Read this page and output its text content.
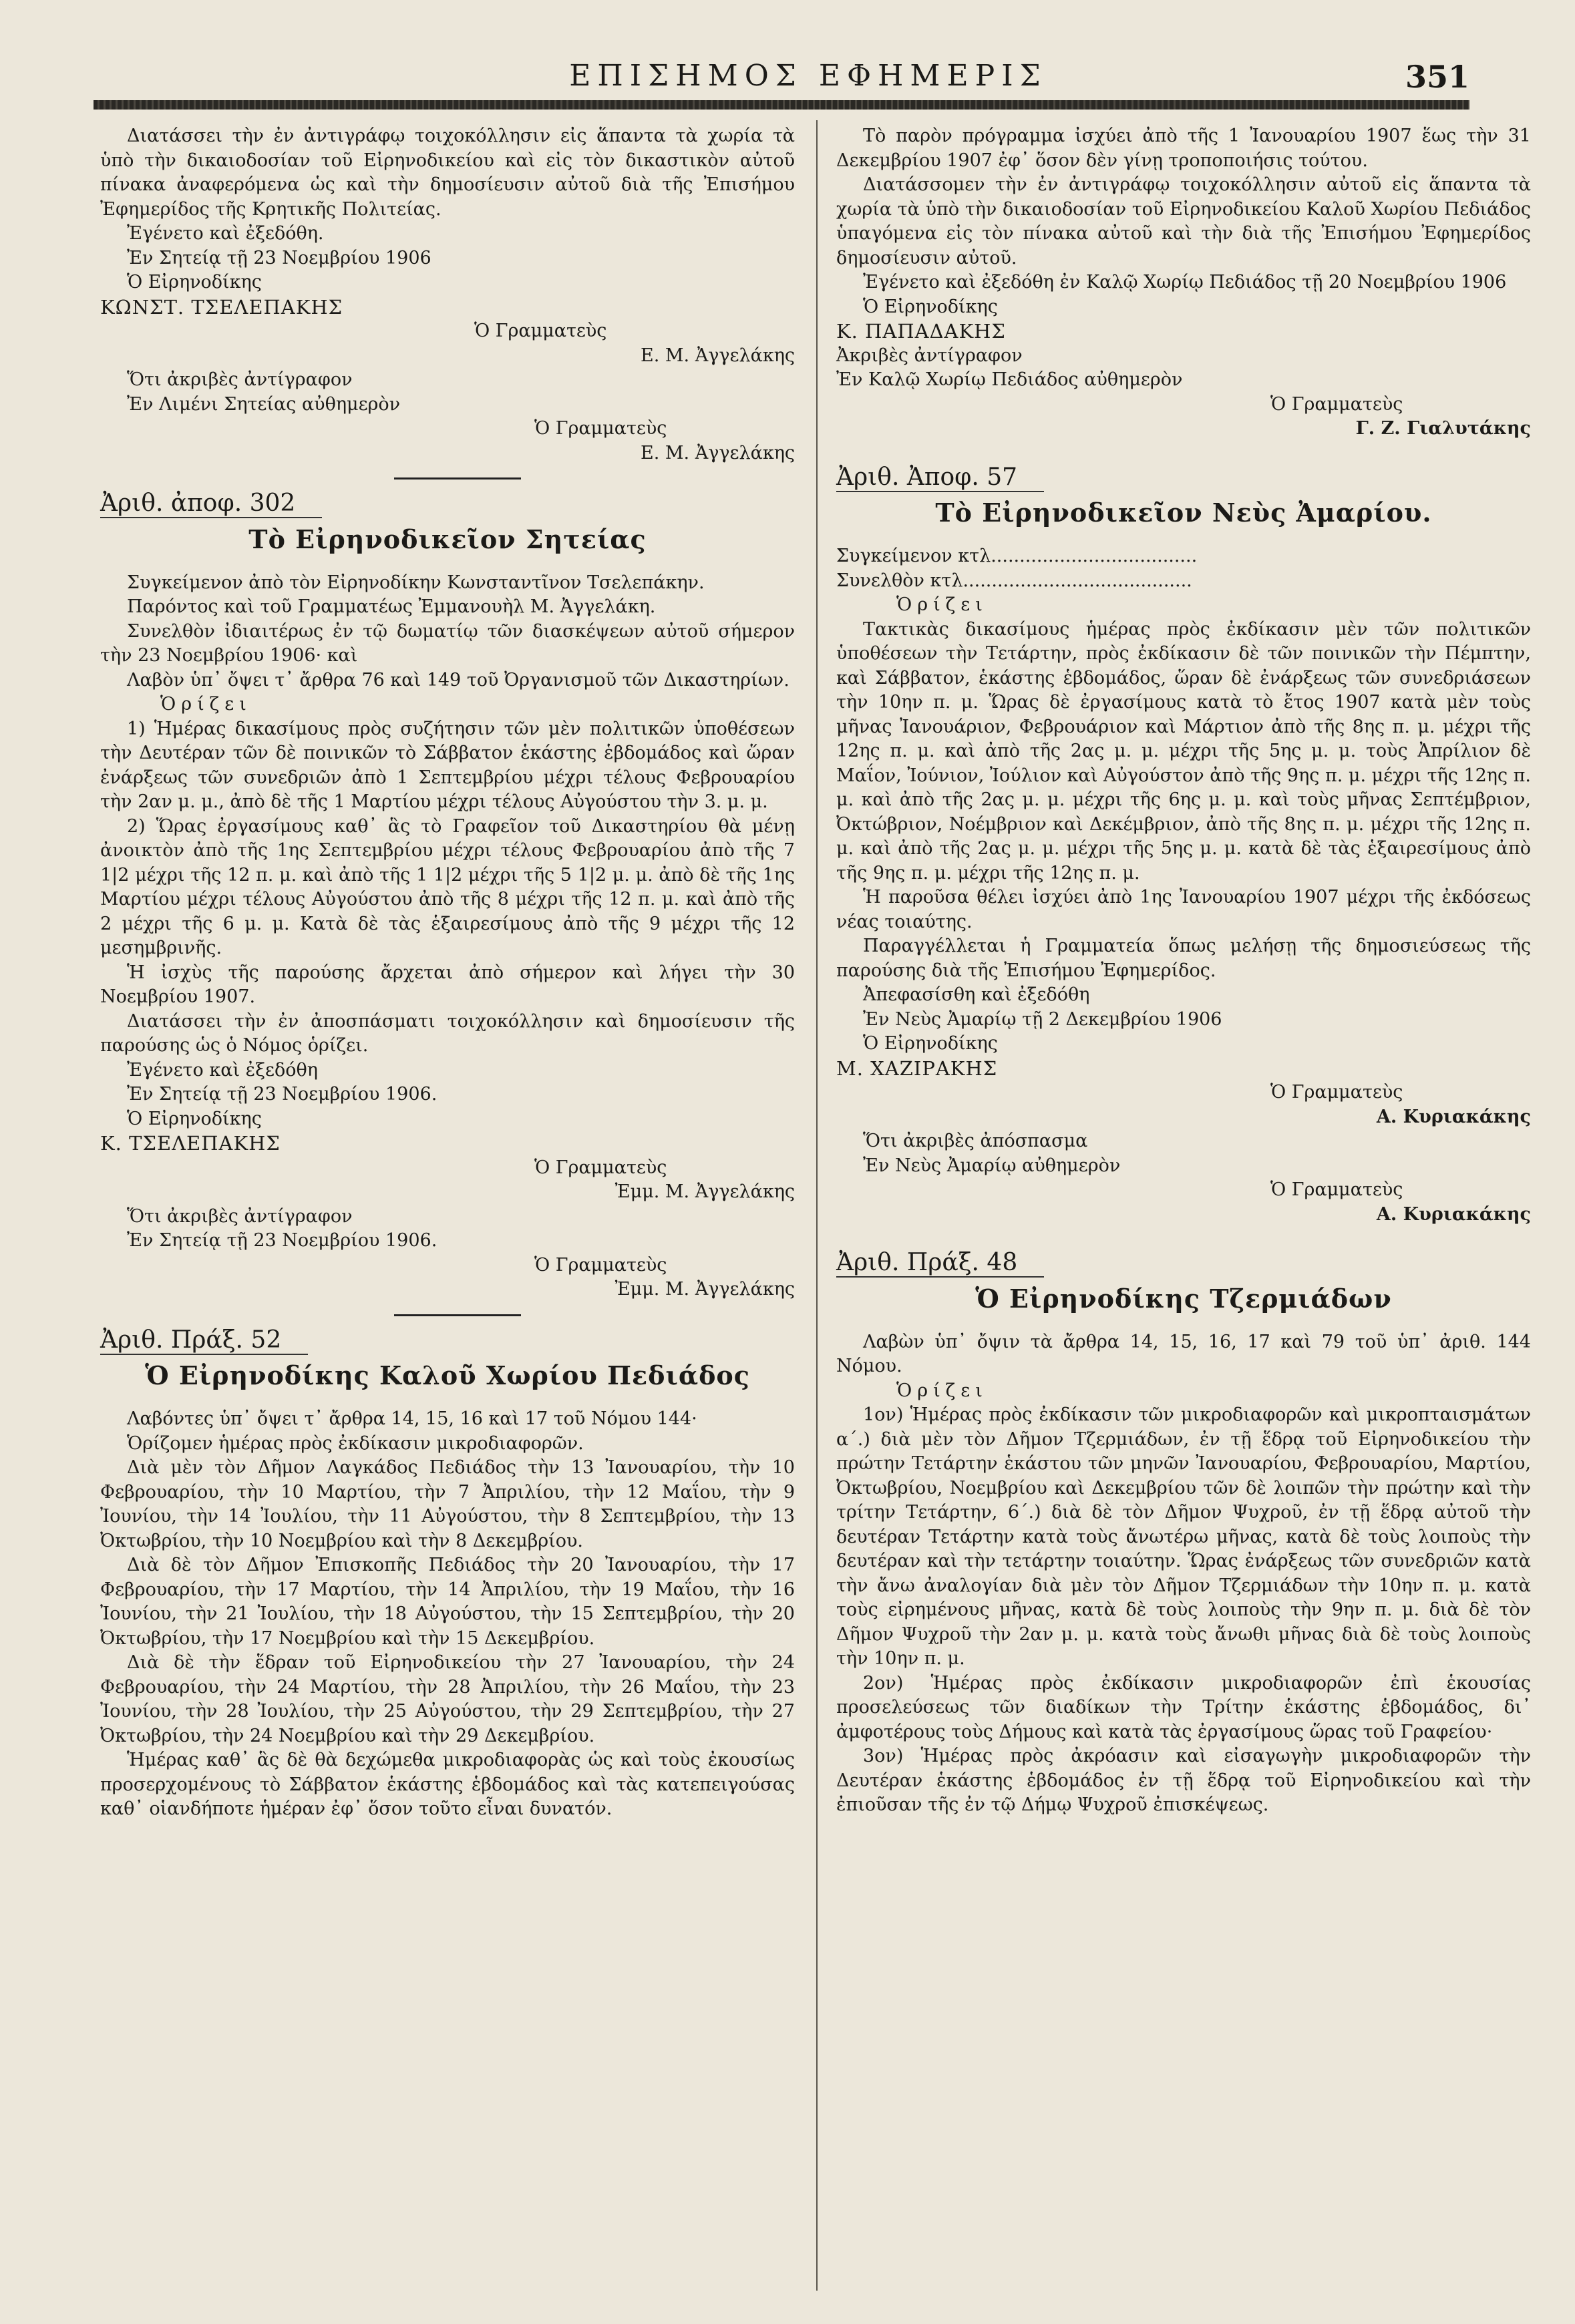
ΕΠΙΣΗΜΟΣ ΕΦΗΜΕΡΙΣ	351

Διατάσσει τὴν ἐν ἀντιγράφῳ τοιχοκόλλησιν εἰς ἅπαντα τὰ χωρία τὰ ὑπὸ τὴν δικαιοδοσίαν τοῦ Εἰρηνοδικείου καὶ εἰς τὸν δικαστικὸν αὐτοῦ πίνακα ἀναφερόμενα ὡς καὶ τὴν δημοσίευσιν αὐτοῦ διὰ τῆς Ἐπισήμου Ἐφημερίδος τῆς Κρητικῆς Πολιτείας.

Ἐγένετο καὶ ἐξεδόθη.

Ἐν Σητείᾳ τῇ 23 Νοεμβρίου 1906

Ὁ Εἰρηνοδίκης

ΚΩΝΣΤ. ΤΣΕΛΕΠΑΚΗΣ

Ὁ Γραμματεὺς

Ε. Μ. Ἀγγελάκης

Ὅτι ἀκριβὲς ἀντίγραφον

Ἐν Λιμένι Σητείας αὐθημερὸν

Ὁ Γραμματεὺς

Ε. Μ. Ἀγγελάκης

Ἀριθ. ἀποφ. 302

Τὸ Εἰρηνοδικεῖον Σητείας

Συγκείμενον ἀπὸ τὸν Εἰρηνοδίκην Κωνσταντῖνον Τσελεπάκην.

Παρόντος καὶ τοῦ Γραμματέως Ἐμμανουὴλ Μ. Ἀγγελάκη.

Συνελθὸν ἰδιαιτέρως ἐν τῷ δωματίῳ τῶν διασκέψεων αὐτοῦ σήμερον τὴν 23 Νοεμβρίου 1906· καὶ

Λαβὸν ὑπ᾽ ὄψει τ᾽ ἄρθρα 76 καὶ 149 τοῦ Ὀργανισμοῦ τῶν Δικαστηρίων.

Ὁρίζει

1) Ἡμέρας δικασίμους πρὸς συζήτησιν τῶν μὲν πολιτικῶν ὑποθέσεων τὴν Δευτέραν τῶν δὲ ποινικῶν τὸ Σάββατον ἑκάστης ἑβδομάδος καὶ ὥραν ἐνάρξεως τῶν συνεδριῶν ἀπὸ 1 Σεπτεμβρίου μέχρι τέλους Φεβρουαρίου τὴν 2αν μ. μ., ἀπὸ δὲ τῆς 1 Μαρτίου μέχρι τέλους Αὐγούστου τὴν 3. μ. μ.

2) Ὥρας ἐργασίμους καθ᾽ ἃς τὸ Γραφεῖον τοῦ Δικαστηρίου θὰ μένῃ ἀνοικτὸν ἀπὸ τῆς 1ης Σεπτεμβρίου μέχρι τέλους Φεβρουαρίου ἀπὸ τῆς 7 1|2 μέχρι τῆς 12 π. μ. καὶ ἀπὸ τῆς 1 1|2 μέχρι τῆς 5 1|2 μ. μ. ἀπὸ δὲ τῆς 1ης Μαρτίου μέχρι τέλους Αὐγούστου ἀπὸ τῆς 8 μέχρι τῆς 12 π. μ. καὶ ἀπὸ τῆς 2 μέχρι τῆς 6 μ. μ. Κατὰ δὲ τὰς ἑξαιρεσίμους ἀπὸ τῆς 9 μέχρι τῆς 12 μεσημβρινῆς.

Ἡ ἰσχὺς τῆς παρούσης ἄρχεται ἀπὸ σήμερον καὶ λήγει τὴν 30 Νοεμβρίου 1907.

Διατάσσει τὴν ἐν ἀποσπάσματι τοιχοκόλλησιν καὶ δημοσίευσιν τῆς παρούσης ὡς ὁ Νόμος ὁρίζει.

Ἐγένετο καὶ ἐξεδόθη

Ἐν Σητείᾳ τῇ 23 Νοεμβρίου 1906.

Ὁ Εἰρηνοδίκης

Κ. ΤΣΕΛΕΠΑΚΗΣ

Ὁ Γραμματεὺς

Ἐμμ. Μ. Ἀγγελάκης

Ὅτι ἀκριβὲς ἀντίγραφον

Ἐν Σητείᾳ τῇ 23 Νοεμβρίου 1906.

Ὁ Γραμματεὺς

Ἐμμ. Μ. Ἀγγελάκης

Ἀριθ. Πράξ. 52

Ὁ Εἰρηνοδίκης Καλοῦ Χωρίου Πεδιάδος

Λαβόντες ὑπ᾽ ὄψει τ᾽ ἄρθρα 14, 15, 16 καὶ 17 τοῦ Νόμου 144·

Ὁρίζομεν ἡμέρας πρὸς ἐκδίκασιν μικροδιαφορῶν.

Διὰ μὲν τὸν Δῆμον Λαγκάδος Πεδιάδος τὴν 13 Ἰανουαρίου, τὴν 10 Φεβρουαρίου, τὴν 10 Μαρτίου, τὴν 7 Ἀπριλίου, τὴν 12 Μαΐου, τὴν 9 Ἰουνίου, τὴν 14 Ἰουλίου, τὴν 11 Αὐγούστου, τὴν 8 Σεπτεμβρίου, τὴν 13 Ὀκτωβρίου, τὴν 10 Νοεμβρίου καὶ τὴν 8 Δεκεμβρίου.

Διὰ δὲ τὸν Δῆμον Ἐπισκοπῆς Πεδιάδος τὴν 20 Ἰανουαρίου, τὴν 17 Φεβρουαρίου, τὴν 17 Μαρτίου, τὴν 14 Ἀπριλίου, τὴν 19 Μαΐου, τὴν 16 Ἰουνίου, τὴν 21 Ἰουλίου, τὴν 18 Αὐγούστου, τὴν 15 Σεπτεμβρίου, τὴν 20 Ὀκτωβρίου, τὴν 17 Νοεμβρίου καὶ τὴν 15 Δεκεμβρίου.

Διὰ δὲ τὴν ἕδραν τοῦ Εἰρηνοδικείου τὴν 27 Ἰανουαρίου, τὴν 24 Φεβρουαρίου, τὴν 24 Μαρτίου, τὴν 28 Ἀπριλίου, τὴν 26 Μαΐου, τὴν 23 Ἰουνίου, τὴν 28 Ἰουλίου, τὴν 25 Αὐγούστου, τὴν 29 Σεπτεμβρίου, τὴν 27 Ὀκτωβρίου, τὴν 24 Νοεμβρίου καὶ τὴν 29 Δεκεμβρίου.

Ἡμέρας καθ᾽ ἃς δὲ θὰ δεχώμεθα μικροδιαφορὰς ὡς καὶ τοὺς ἐκουσίως προσερχομένους τὸ Σάββατον ἑκάστης ἑβδομάδος καὶ τὰς κατεπειγούσας καθ᾽ οἱανδήποτε ἡμέραν ἐφ᾽ ὅσον τοῦτο εἶναι δυνατόν.

Τὸ παρὸν πρόγραμμα ἰσχύει ἀπὸ τῆς 1 Ἰανουαρίου 1907 ἕως τὴν 31 Δεκεμβρίου 1907 ἐφ᾽ ὅσον δὲν γίνῃ τροποποιήσις τούτου.

Διατάσσομεν τὴν ἐν ἀντιγράφῳ τοιχοκόλλησιν αὐτοῦ εἰς ἅπαντα τὰ χωρία τὰ ὑπὸ τὴν δικαιοδοσίαν τοῦ Εἰρηνοδικείου Καλοῦ Χωρίου Πεδιάδος ὑπαγόμενα εἰς τὸν πίνακα αὐτοῦ καὶ τὴν διὰ τῆς Ἐπισήμου Ἐφημερίδος δημοσίευσιν αὐτοῦ.

Ἐγένετο καὶ ἐξεδόθη ἐν Καλῷ Χωρίῳ Πεδιάδος τῇ 20 Νοεμβρίου 1906

Ὁ Εἰρηνοδίκης

Κ. ΠΑΠΑΔΑΚΗΣ

Ἀκριβὲς ἀντίγραφον

Ἐν Καλῷ Χωρίῳ Πεδιάδος αὐθημερὸν

Ὁ Γραμματεὺς

Γ. Ζ. Γιαλυτάκης

Ἀριθ. Ἀποφ. 57

Τὸ Εἰρηνοδικεῖον Νεὺς Ἀμαρίου.

Συγκείμενον κτλ....................................

Συνελθὸν κτλ........................................

Ὁρίζει

Τακτικὰς δικασίμους ἡμέρας πρὸς ἐκδίκασιν μὲν τῶν πολιτικῶν ὑποθέσεων τὴν Τετάρτην, πρὸς ἐκδίκασιν δὲ τῶν ποινικῶν τὴν Πέμπτην, καὶ Σάββατον, ἑκάστης ἑβδομάδος, ὥραν δὲ ἐνάρξεως τῶν συνεδριάσεων τὴν 10ην π. μ. Ὥρας δὲ ἐργασίμους κατὰ τὸ ἔτος 1907 κατὰ μὲν τοὺς μῆνας Ἰανουάριον, Φεβρουάριον καὶ Μάρτιον ἀπὸ τῆς 8ης π. μ. μέχρι τῆς 12ης π. μ. καὶ ἀπὸ τῆς 2ας μ. μ. μέχρι τῆς 5ης μ. μ. τοὺς Ἀπρίλιον δὲ Μαΐον, Ἰούνιον, Ἰούλιον καὶ Αὐγούστον ἀπὸ τῆς 9ης π. μ. μέχρι τῆς 12ης π. μ. καὶ ἀπὸ τῆς 2ας μ. μ. μέχρι τῆς 6ης μ. μ. καὶ τοὺς μῆνας Σεπτέμβριον, Ὀκτώβριον, Νοέμβριον καὶ Δεκέμβριον, ἀπὸ τῆς 8ης π. μ. μέχρι τῆς 12ης π. μ. καὶ ἀπὸ τῆς 2ας μ. μ. μέχρι τῆς 5ης μ. μ. κατὰ δὲ τὰς ἑξαιρεσίμους ἀπὸ τῆς 9ης π. μ. μέχρι τῆς 12ης π. μ.

Ἡ παροῦσα θέλει ἰσχύει ἀπὸ 1ης Ἰανουαρίου 1907 μέχρι τῆς ἐκδόσεως νέας τοιαύτης.

Παραγγέλλεται ἡ Γραμματεία ὅπως μελήσῃ τῆς δημοσιεύσεως τῆς παρούσης διὰ τῆς Ἐπισήμου Ἐφημερίδος.

Ἀπεφασίσθη καὶ ἐξεδόθη

Ἐν Νεὺς Ἀμαρίῳ τῇ 2 Δεκεμβρίου 1906

Ὁ Εἰρηνοδίκης

Μ. ΧΑΖΙΡΑΚΗΣ

Ὁ Γραμματεὺς

Α. Κυριακάκης

Ὅτι ἀκριβὲς ἀπόσπασμα

Ἐν Νεὺς Ἀμαρίῳ αὐθημερὸν

Ὁ Γραμματεὺς

Α. Κυριακάκης

Ἀριθ. Πράξ. 48

Ὁ Εἰρηνοδίκης Τζερμιάδων

Λαβὼν ὑπ᾽ ὄψιν τὰ ἄρθρα 14, 15, 16, 17 καὶ 79 τοῦ ὑπ᾽ ἀριθ. 144 Νόμου.

Ὁρίζει

1ον) Ἡμέρας πρὸς ἐκδίκασιν τῶν μικροδιαφορῶν καὶ μικροπταισμάτων α΄.) διὰ μὲν τὸν Δῆμον Τζερμιάδων, ἐν τῇ ἕδρᾳ τοῦ Εἰρηνοδικείου τὴν πρώτην Τετάρτην ἑκάστου τῶν μηνῶν Ἰανουαρίου, Φεβρουαρίου, Μαρτίου, Ὀκτωβρίου, Νοεμβρίου καὶ Δεκεμβρίου τῶν δὲ λοιπῶν τὴν πρώτην καὶ τὴν τρίτην Τετάρτην, 6΄.) διὰ δὲ τὸν Δῆμον Ψυχροῦ, ἐν τῇ ἕδρᾳ αὐτοῦ τὴν δευτέραν Τετάρτην κατὰ τοὺς ἄνωτέρω μῆνας, κατὰ δὲ τοὺς λοιποὺς τὴν δευτέραν καὶ τὴν τετάρτην τοιαύτην. Ὥρας ἐνάρξεως τῶν συνεδριῶν κατὰ τὴν ἄνω ἀναλογίαν διὰ μὲν τὸν Δῆμον Τζερμιάδων τὴν 10ην π. μ. κατὰ τοὺς εἰρημένους μῆνας, κατὰ δὲ τοὺς λοιποὺς τὴν 9ην π. μ. διὰ δὲ τὸν Δῆμον Ψυχροῦ τὴν 2αν μ. μ. κατὰ τοὺς ἄνωθι μῆνας διὰ δὲ τοὺς λοιποὺς τὴν 10ην π. μ.

2ον) Ἡμέρας πρὸς ἐκδίκασιν μικροδιαφορῶν ἐπὶ ἑκουσίας προσελεύσεως τῶν διαδίκων τὴν Τρίτην ἑκάστης ἑβδομάδος, δι᾽ ἀμφοτέρους τοὺς Δήμους καὶ κατὰ τὰς ἐργασίμους ὥρας τοῦ Γραφείου·

3ον) Ἡμέρας πρὸς ἀκρόασιν καὶ εἰσαγωγὴν μικροδιαφορῶν τὴν Δευτέραν ἑκάστης ἑβδομάδος ἐν τῇ ἕδρᾳ τοῦ Εἰρηνοδικείου καὶ τὴν ἐπιοῦσαν τῆς ἐν τῷ Δήμῳ Ψυχροῦ ἐπισκέψεως.
